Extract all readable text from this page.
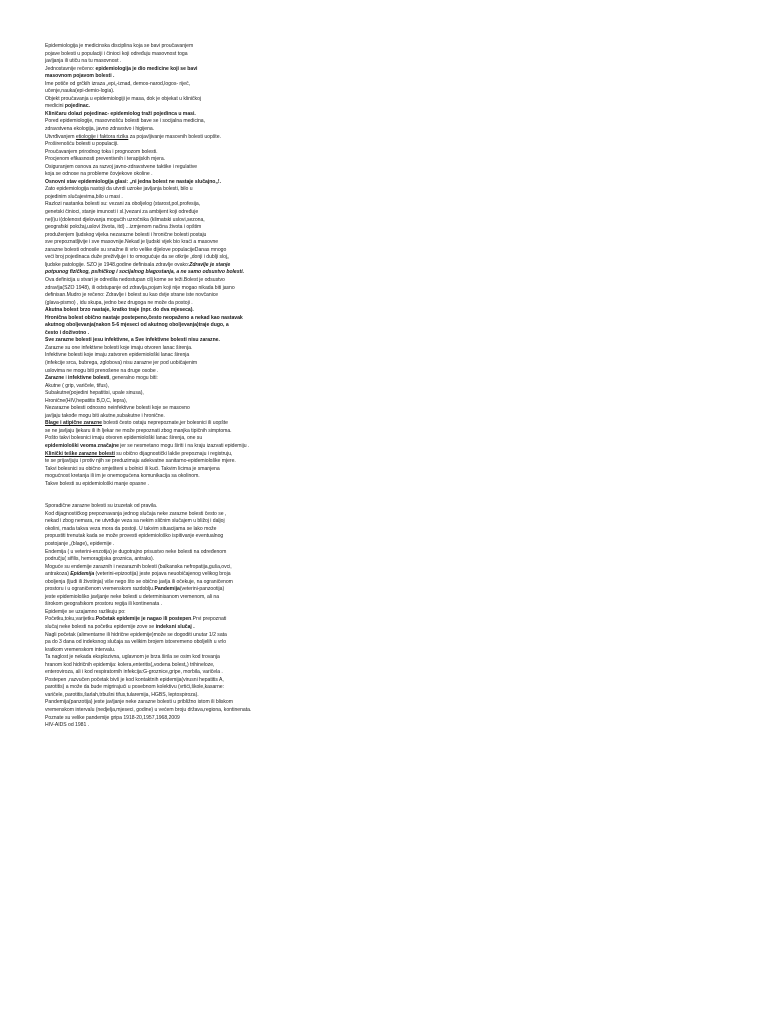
Epidemiologija je medicinska disciplina koja se bavi proučavanjem
pojave bolesti u populaciji i činioci koji određuju masovnost toga
javljanja ili utiču na tu masovnost .
Jednostavnije rečeno: epidemiologija je dio medicine koji se bavi
masovnom pojavom bolesti .
Ime potiče od grčkih izraza „epi„-iznad, demos-narod,logos- riječ,
učenje,nauka(epi-demio-logia).
Objekt proučavanja u epidemiologiji je masa, dok je objekat u kliničkoj
medicini pojedinac.
Kliničaru dolazi pojedinac- epidemiolog traži pojedinca u masi.
Pored epidemiologije, masovnošću bolesti bave se i socijalna medicina,
zdravstvena ekologija, javno zdravstvo i higijena.
Utvrđivanjem etiologije i faktora rizika za pojavljivanje masovnih bolesti uopšte.
Proširenošću bolesti u populaciji.
Proučavanjem prirodnog toka i prognozom bolesti.
Procjenom efikasnosti preventivnih i terapijskih mjera.
Osiguranjem osnova za razvoj javno-zdravstvene taktike i regulative
koja se odnose na probleme čovjekove okoline .
Osnovni stav epidemiologija glasi: „ni jedna bolest ne nastaje slučajno„!.
Zato epidemiologija nastoji da utvrdi uzroke javljanja bolesti, bilo u
pojedinim slučajevima,bilo u masi .
Razlozi nastanka bolesti su: vezani za oboljelog (starost,pol,profesija,
genetski činioci, stanje imunosti i sl.)vezani za ambijent koji određuje
ne(i)u i(dolenost djelovanja mogućih uzročnika (klimatski uslovi,sezona,
geografski položaj,uslovi života, itd) ...izmjenom načina života i opštim
produženjem ljudskog vijeka nezarazne bolesti i hronične bolesti postaju
sve prepoznatljivije i sve masovnije.Nekad je ljudski vijek bio kraći a masovne
zarazne bolesti odnosile su snažne ili vrlo velike dijelove populacijeDanas mnogo
veći broj pojedinaca duže preživljuje i to omogućuje da se otkrije „donji i dublji sloj„
ljudske patologije. SZO je 1948.godine definisala zdravlje ovako:Zdravlje je stanje
potpunog fizičkog, psihičkog i socijalnog blagostanja, a ne samo odsustvo bolesti.
Ova definicija u stvari je odredila nedostupan cilj kome se teži.Bolest je odsustvo
zdravlja(SZO 1948), ili odstupanje od zdravlja,pojam koji nije mogao nikada biti jasno
definisan.Mudro je rečeno: Zdravlje i bolest su kao dvije strane iste novčanice
(glava-pismo) , idu skupa, jedno bez drugoga ne može da postoji .
Akutna bolest brzo nastaje, kratko traje (npr. do dva mjeseca).
Hronična bolest obično nastaje postepeno,često neopaženo a nekad kao nastavak
akutnog oboljevanja(nakon 5-6 mjeseci od akutnog oboljevanja)traje dugo, a
često i doživotno .
Sve zarazne bolesti jesu infektivne, a Sve infektivne bolesti nisu zarazne.
Zarazne su one infektivne bolesti koje imaju otvoren lanac širenja.
Infektivne bolesti koje imaju zatvoren epidemiološki lanac širenja
(infekcije srca, bubrega, zglobova) nisu zarazne jer pod uobičajenim
uslovima ne mogu biti prenošene na druge osobe .
Zarazne i infektivne bolesti, generalno mogu biti:
Akutne ( grip, varičele, tifus),
Subakutne(pojedini hepatitisi, upale sinusa),
Hronične(HIV,hepatitis B,D,C, lepra),
Nezarazne bolesti odnosno neinfektivne bolesti koje se masovno
javljaju takođe mogu biti akutne,subakutne i hronične.
Blage i atipične zarazne bolesti često ostaju neprepoznate,jer bolesnici ili uopšte
se ne javljaju ljekaru ili ih ljekar ne može prepoznati zbog manjka tipičnih simptoma.
Pošto takvi bolesnici imaju otvoren epidemiološki lanac širenja, one su
epidemiološki veoma značajne jer se nesmetano mogu širiti i na kraju izazvati epidemiju .
Klinički teške zarazne bolesti su obično dijagnostički lakše prepoznaju i registruju,
te se prijavljuju i protiv njih se preduzimaju adekvatne sanitarno-epidemiološke mjere.
Takvi bolesnici su obično smješteni u bolnici ili kući. Takvim licima je smanjena
mogućnost kretanja ili im je onemogućena komunikacija sa okolinom.
Takve bolesti su epidemiološki manje opasne .
Sporadične zarazne bolesti su izuzetak od pravila.
Kod dijagnostičkog prepoznavanja jednog slučaja neke zarazne bolesti često se ,
nekad i zbog nemara, ne utvrđuje veza sa nekim sličnim slučajem u bližoj i daljoj
okolini, mada takva veza mora da postoji. U takvim situacijama se lako može
propustiti trenutak kada se može provesti epidemiološko ispitivanje eventualnog
postojanje „(blage)„ epidemije .
Endemija ( u veterini-enzotija) je dugotrajno prisustvo neke bolesti na određenom
području( sifilis, hemoragijska groznica, antraks).
Moguće su endemije zaraznih i nezaraznih bolesti (balkanska nefropatija,guša,ovci,
antrakoza) Epidemija (veterini-epizootija) jeste pojava neuobičajenog velikog broja
oboljenja (ljudi ili životinja) više nego što se obično javlja ili očekuje, na ograničenom
prostoru i u ograničenom vremenskom razdoblju.Pandemija(veterini-panzootija)
jeste epidemiološko javljanje neke bolesti u determinisanom vremenom, ali na
širokom geografskom prostoru regija ili kontinenata .
Epidemije se uzajamno razlikuju po:
Početku,toku,varijetku.Početak epidemije je nagao ili postepen.Prvi prepoznati
slučaj neke bolesti na početku epidemije zove se indeksni slučaj .
Nagli početak (alimentarne ili hidrične epidemije)može se dogoditi unutar 1/2 sata
pa do 3 dana od indeksnog slučaja sa velikim brojem istovremeno oboljelih u vrlo
kratkom vremenskom intervalu.
Ta naglost je nekada eksplozivna, uglavnom je brza širila se osim kod trovanja
hranom kod hidričnih epidemija: kolera,enteritis(„vodena bolest„) trihineloze,
enteroviroza, ali i kod respiratornih infekcija:G-groznice,gripe, morbila, varičela .
Postepen ,razvučen početak bivš je kod kontaktnih epidemija(virusni hepatitis A,
parotitis) a može da bude migrirajući u posebnom kolektivu (vrtići,škole,kasarne:
varičele, parotitis,šarlah,trbušni tifus,tularemija, HGBS, leptospiroza).
Pandemija(panzotija) jeste javljanje neke zarazne bolesti u približno istom ili bliskom
vremenskom intervalu (nedjelja,mjeseci, godine) u većem broju država,regiona, kontinenata.
Poznate su velike pandemije gripa 1918-20,1957,1968,2009
HIV-AIDS od 1981 .
